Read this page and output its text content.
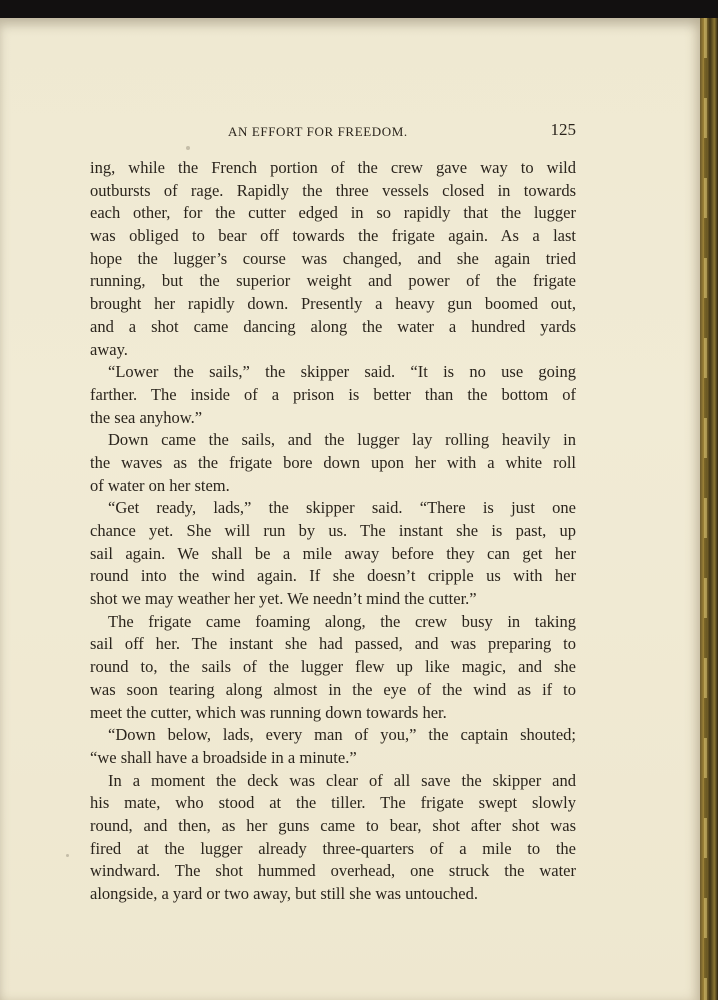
AN EFFORT FOR FREEDOM.	125
ing, while the French portion of the crew gave way to wild
outbursts of rage. Rapidly the three vessels closed in towards
each other, for the cutter edged in so rapidly that the lugger
was obliged to bear off towards the frigate again. As a last
hope the lugger’s course was changed, and she again tried
running, but the superior weight and power of the frigate
brought her rapidly down. Presently a heavy gun boomed out,
and a shot came dancing along the water a hundred yards
away.
“Lower the sails,” the skipper said. “It is no use going
farther. The inside of a prison is better than the bottom of
the sea anyhow.”
Down came the sails, and the lugger lay rolling heavily in
the waves as the frigate bore down upon her with a white roll
of water on her stem.
“Get ready, lads,” the skipper said. “There is just one
chance yet. She will run by us. The instant she is past, up
sail again. We shall be a mile away before they can get her
round into the wind again. If she doesn’t cripple us with her
shot we may weather her yet. We needn’t mind the cutter.”
The frigate came foaming along, the crew busy in taking
sail off her. The instant she had passed, and was preparing to
round to, the sails of the lugger flew up like magic, and she
was soon tearing along almost in the eye of the wind as if to
meet the cutter, which was running down towards her.
“Down below, lads, every man of you,” the captain shouted;
“we shall have a broadside in a minute.”
In a moment the deck was clear of all save the skipper and
his mate, who stood at the tiller. The frigate swept slowly
round, and then, as her guns came to bear, shot after shot was
fired at the lugger already three-quarters of a mile to the
windward. The shot hummed overhead, one struck the water
alongside, a yard or two away, but still she was untouched.
